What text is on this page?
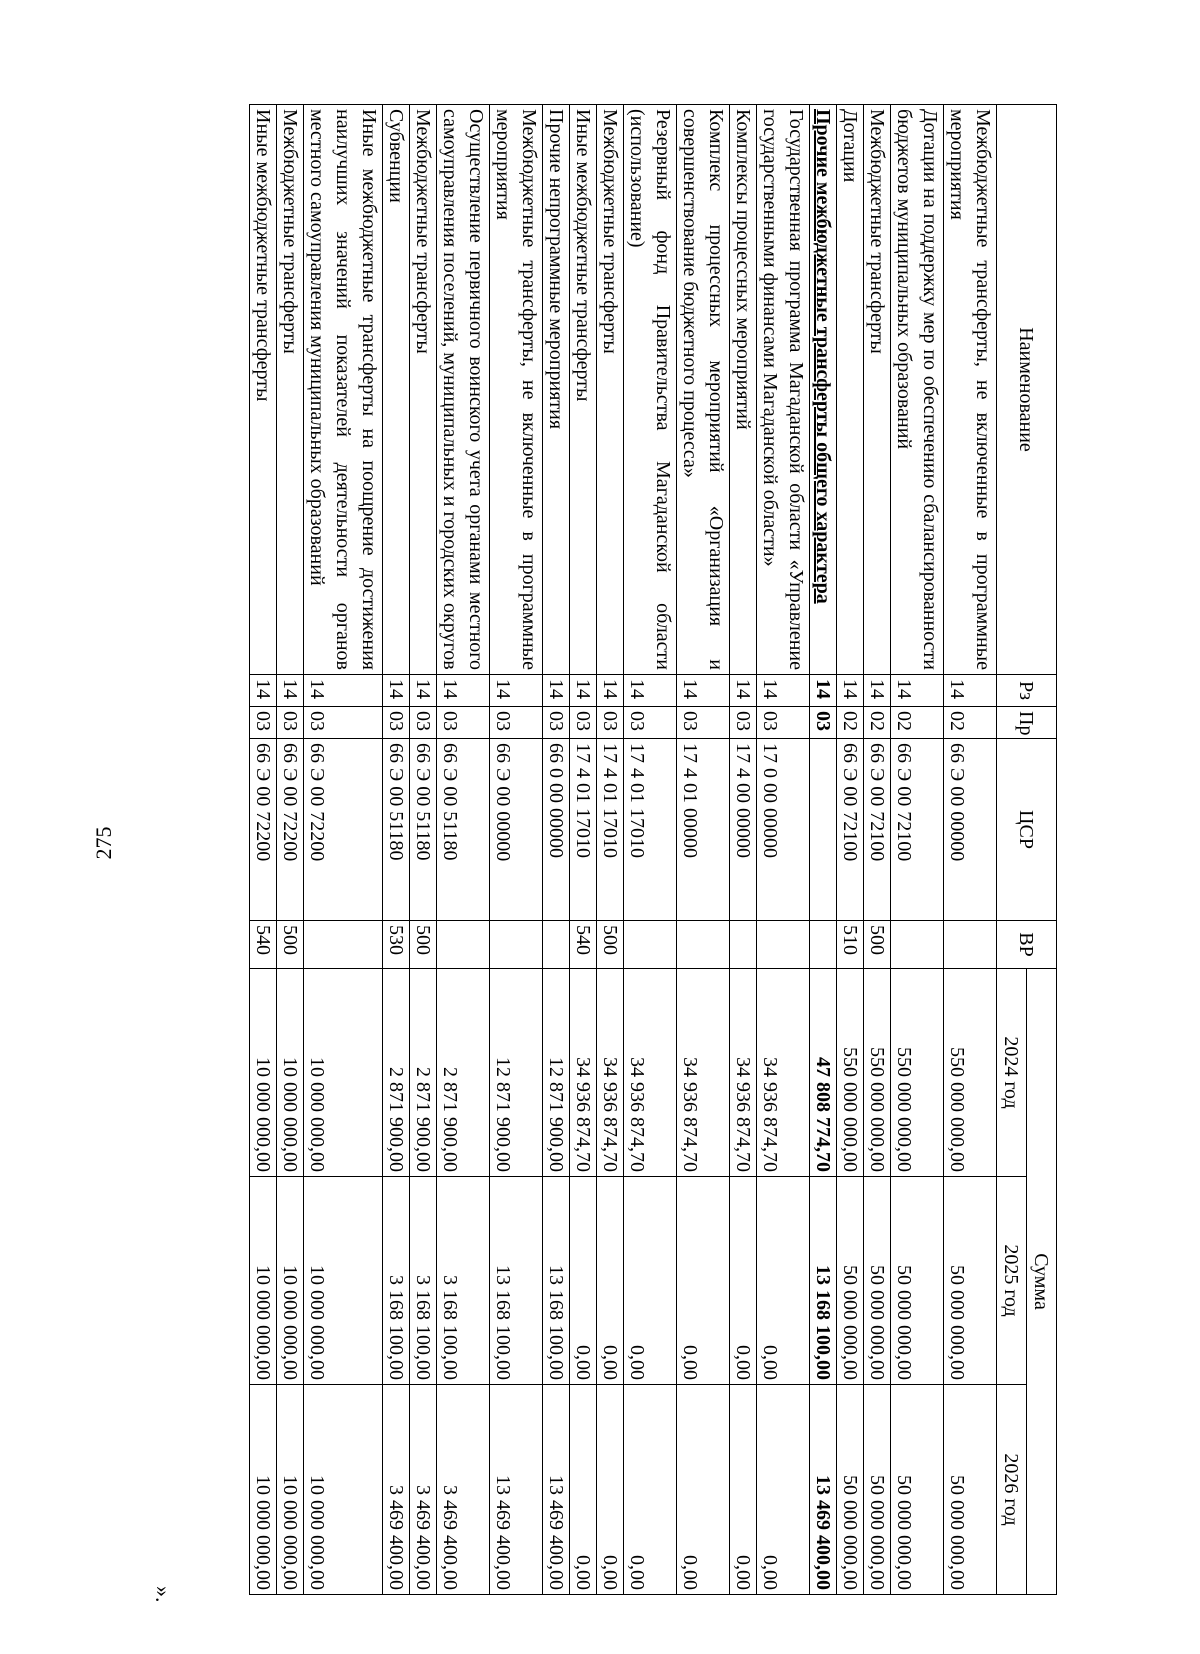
275
Наименование	Рз	Пр	ЦСР	ВР	Сумма		
					2024 год	2025 год	2026 год
Межбюджетные трансферты, не включенные в программные мероприятия	14	02	66 Э 00 00000		550 000 000,00	50 000 000,00	50 000 000,00
Дотации на поддержку мер по обеспечению сбалансированности бюджетов муниципальных образований	14	02	66 Э 00 72100		550 000 000,00	50 000 000,00	50 000 000,00
Межбюджетные трансферты	14	02	66 Э 00 72100	500	550 000 000,00	50 000 000,00	50 000 000,00
Дотации	14	02	66 Э 00 72100	510	550 000 000,00	50 000 000,00	50 000 000,00
Прочие межбюджетные трансферты общего характера	14	03			47 808 774,70	13 168 100,00	13 469 400,00
Государственная программа Магаданской области «Управление государственными финансами Магаданской области»	14	03	17 0 00 00000		34 936 874,70	0,00	0,00
Комплексы процессных мероприятий	14	03	17 4 00 00000		34 936 874,70	0,00	0,00
Комплекс процессных мероприятий «Организация и совершенствование бюджетного процесса»	14	03	17 4 01 00000		34 936 874,70	0,00	0,00
Резервный фонд Правительства Магаданской области (использование)	14	03	17 4 01 17010		34 936 874,70	0,00	0,00
Межбюджетные трансферты	14	03	17 4 01 17010	500	34 936 874,70	0,00	0,00
Иные межбюджетные трансферты	14	03	17 4 01 17010	540	34 936 874,70	0,00	0,00
Прочие непрограммные мероприятия	14	03	66 0 00 00000		12 871 900,00	13 168 100,00	13 469 400,00
Межбюджетные трансферты, не включенные в программные мероприятия	14	03	66 Э 00 00000		12 871 900,00	13 168 100,00	13 469 400,00
Осуществление первичного воинского учета органами местного самоуправления поселений, муниципальных и городских округов	14	03	66 Э 00 51180		2 871 900,00	3 168 100,00	3 469 400,00
Межбюджетные трансферты	14	03	66 Э 00 51180	500	2 871 900,00	3 168 100,00	3 469 400,00
Субвенции	14	03	66 Э 00 51180	530	2 871 900,00	3 168 100,00	3 469 400,00
Иные межбюджетные трансферты на поощрение достижения наилучших значений показателей деятельности органов местного самоуправления муниципальных образований	14	03	66 Э 00 72200		10 000 000,00	10 000 000,00	10 000 000,00
Межбюджетные трансферты	14	03	66 Э 00 72200	500	10 000 000,00	10 000 000,00	10 000 000,00
Иные межбюджетные трансферты	14	03	66 Э 00 72200	540	10 000 000,00	10 000 000,00	10 000 000,00
».
